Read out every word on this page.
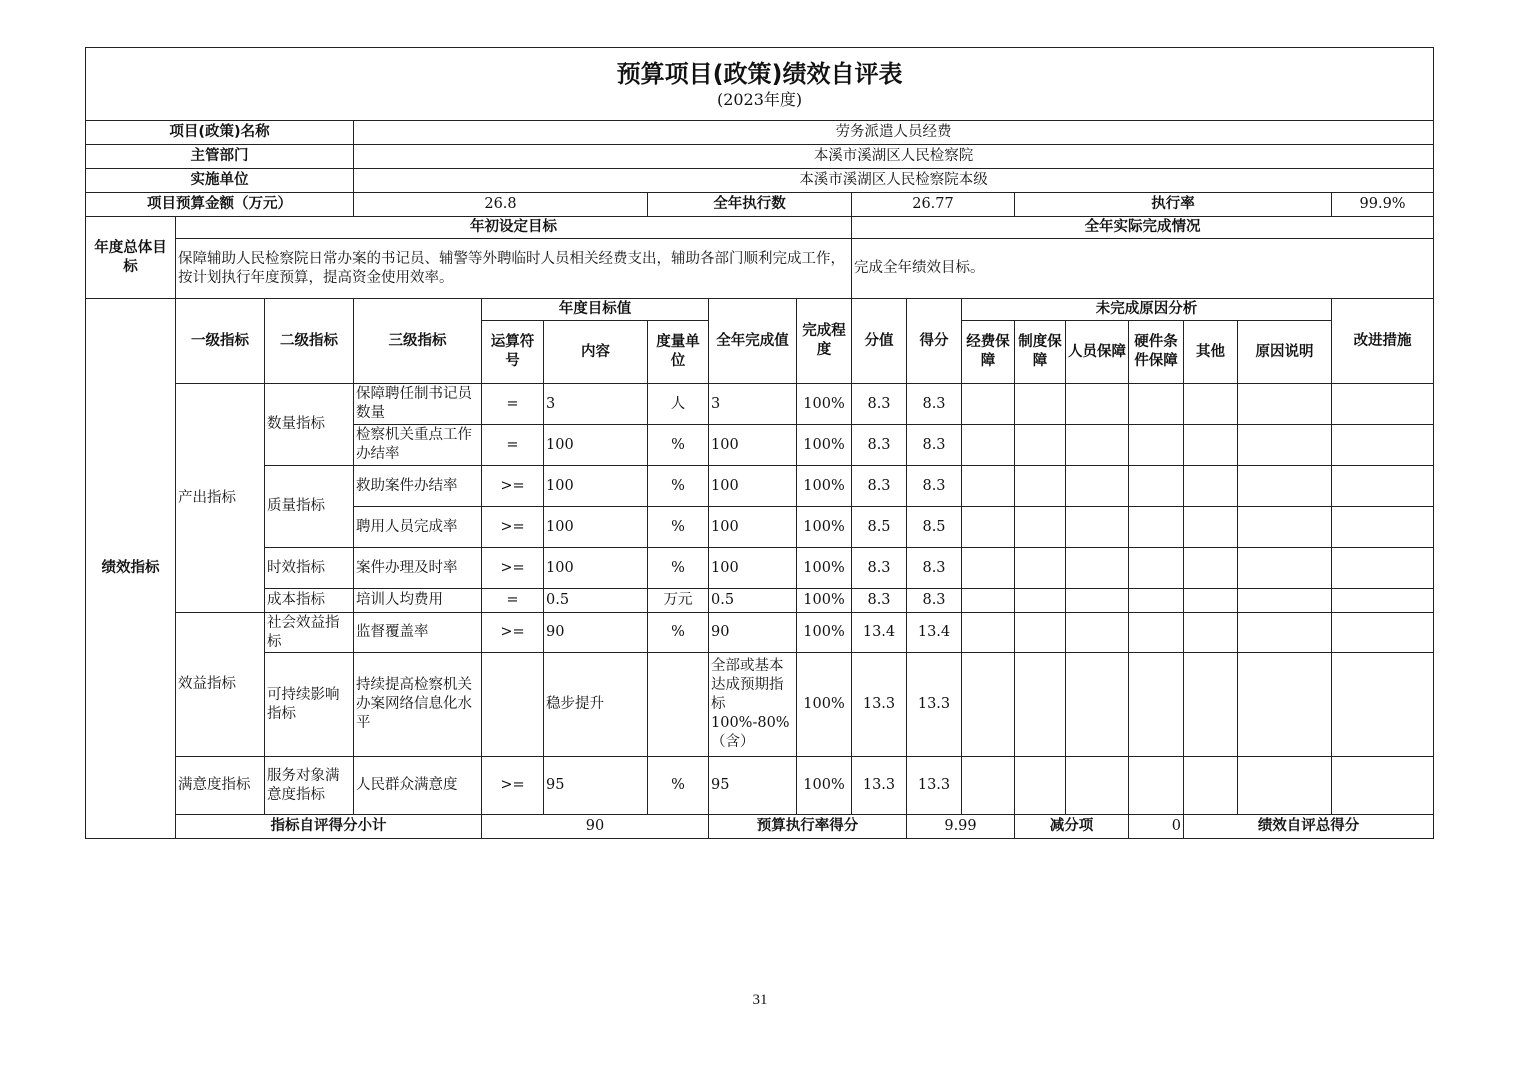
预算项目(政策)绩效自评表
(2023年度)																		

项目(政策)名称			劳务派遣人员经费															
主管部门			本溪市溪湖区人民检察院															
实施单位			本溪市溪湖区人民检察院本级															
项目预算金额（万元）			26.8			全年执行数			26.77			执行率					99.9%	
年度总体目标	年初设定目标								全年实际完成情况									
	保障辅助人民检察院日常办案的书记员、辅警等外聘临时人员相关经费支出，辅助各部门顺利完成工作，按计划执行年度预算，提高资金使用效率。								完成全年绩效目标。									
绩效指标	一级指标	二级指标	三级指标	年度目标值			全年完成值	完成程度	分值	得分	未完成原因分析						改进措施	
				运算符号	内容	度量单位					经费保障	制度保障	人员保障	硬件条件保障	其他	原因说明		
	产出指标	数量指标	保障聘任制书记员数量	=	3	人	3	100%	8.3	8.3								
			检察机关重点工作办结率	=	100	%	100	100%	8.3	8.3								
		质量指标	救助案件办结率	>=	100	%	100	100%	8.3	8.3								
			聘用人员完成率	>=	100	%	100	100%	8.5	8.5								
		时效指标	案件办理及时率	>=	100	%	100	100%	8.3	8.3								
		成本指标	培训人均费用	=	0.5	万元	0.5	100%	8.3	8.3								
	效益指标	社会效益指标	监督覆盖率	>=	90	%	90	100%	13.4	13.4								
		可持续影响指标	持续提高检察机关办案网络信息化水平		稳步提升		全部或基本达成预期指标100%-80%（含）	100%	13.3	13.3								
	满意度指标	服务对象满意度指标	人民群众满意度	>=	95	%	95	100%	13.3	13.3								
	指标自评得分小计			90			预算执行率得分			9.99		减分项		0	绩效自评总得分	
31
